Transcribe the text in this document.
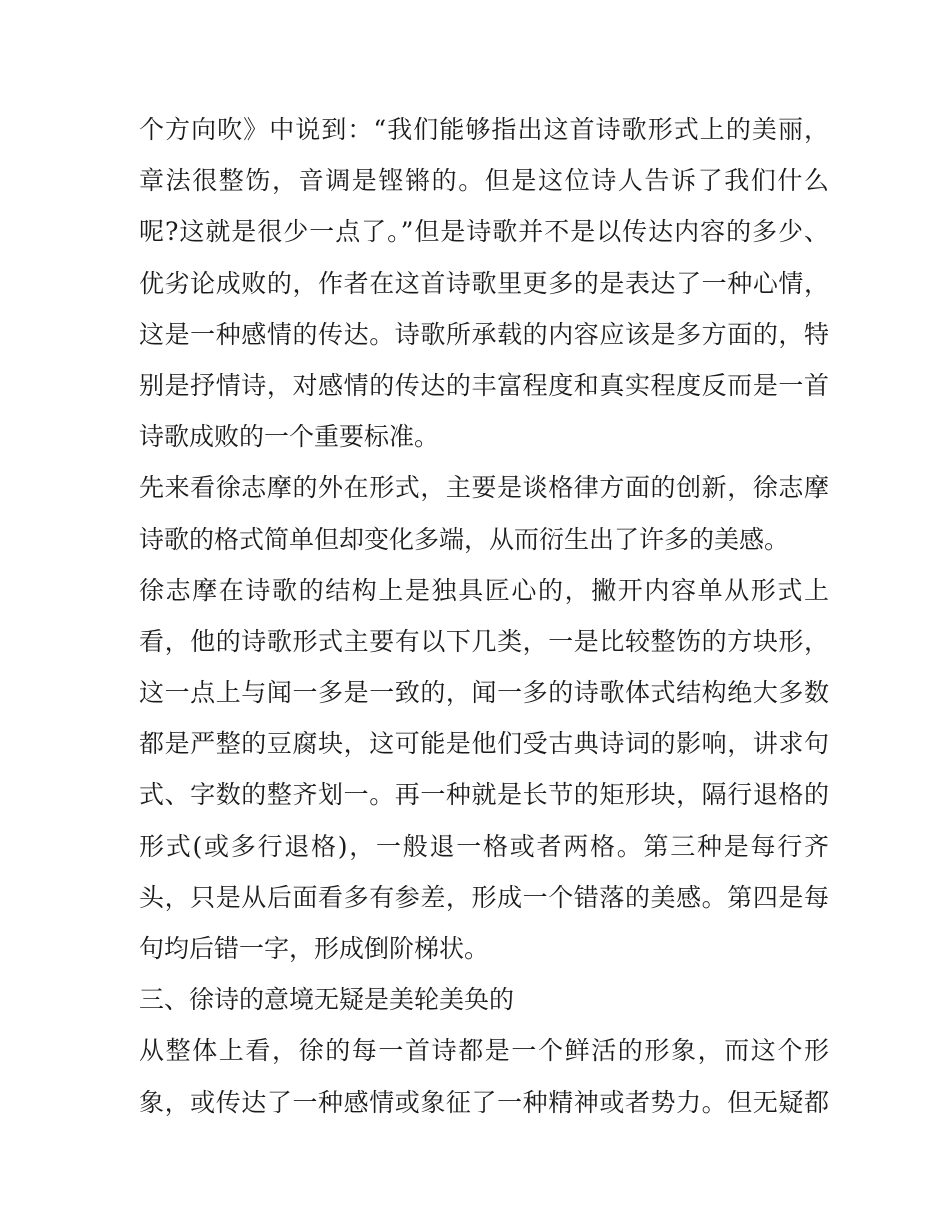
个方向吹》中说到：“我们能够指出这首诗歌形式上的美丽，
章法很整饬，音调是铿锵的。但是这位诗人告诉了我们什么
呢?这就是很少一点了。”但是诗歌并不是以传达内容的多少、
优劣论成败的，作者在这首诗歌里更多的是表达了一种心情，
这是一种感情的传达。诗歌所承载的内容应该是多方面的，特
别是抒情诗，对感情的传达的丰富程度和真实程度反而是一首
诗歌成败的一个重要标准。
先来看徐志摩的外在形式，主要是谈格律方面的创新，徐志摩
诗歌的格式简单但却变化多端，从而衍生出了许多的美感。
徐志摩在诗歌的结构上是独具匠心的，撇开内容单从形式上
看，他的诗歌形式主要有以下几类，一是比较整饬的方块形，
这一点上与闻一多是一致的，闻一多的诗歌体式结构绝大多数
都是严整的豆腐块，这可能是他们受古典诗词的影响，讲求句
式、字数的整齐划一。再一种就是长节的矩形块，隔行退格的
形式(或多行退格)，一般退一格或者两格。第三种是每行齐
头，只是从后面看多有参差，形成一个错落的美感。第四是每
句均后错一字，形成倒阶梯状。
三、徐诗的意境无疑是美轮美奂的
从整体上看，徐的每一首诗都是一个鲜活的形象，而这个形
象，或传达了一种感情或象征了一种精神或者势力。但无疑都
